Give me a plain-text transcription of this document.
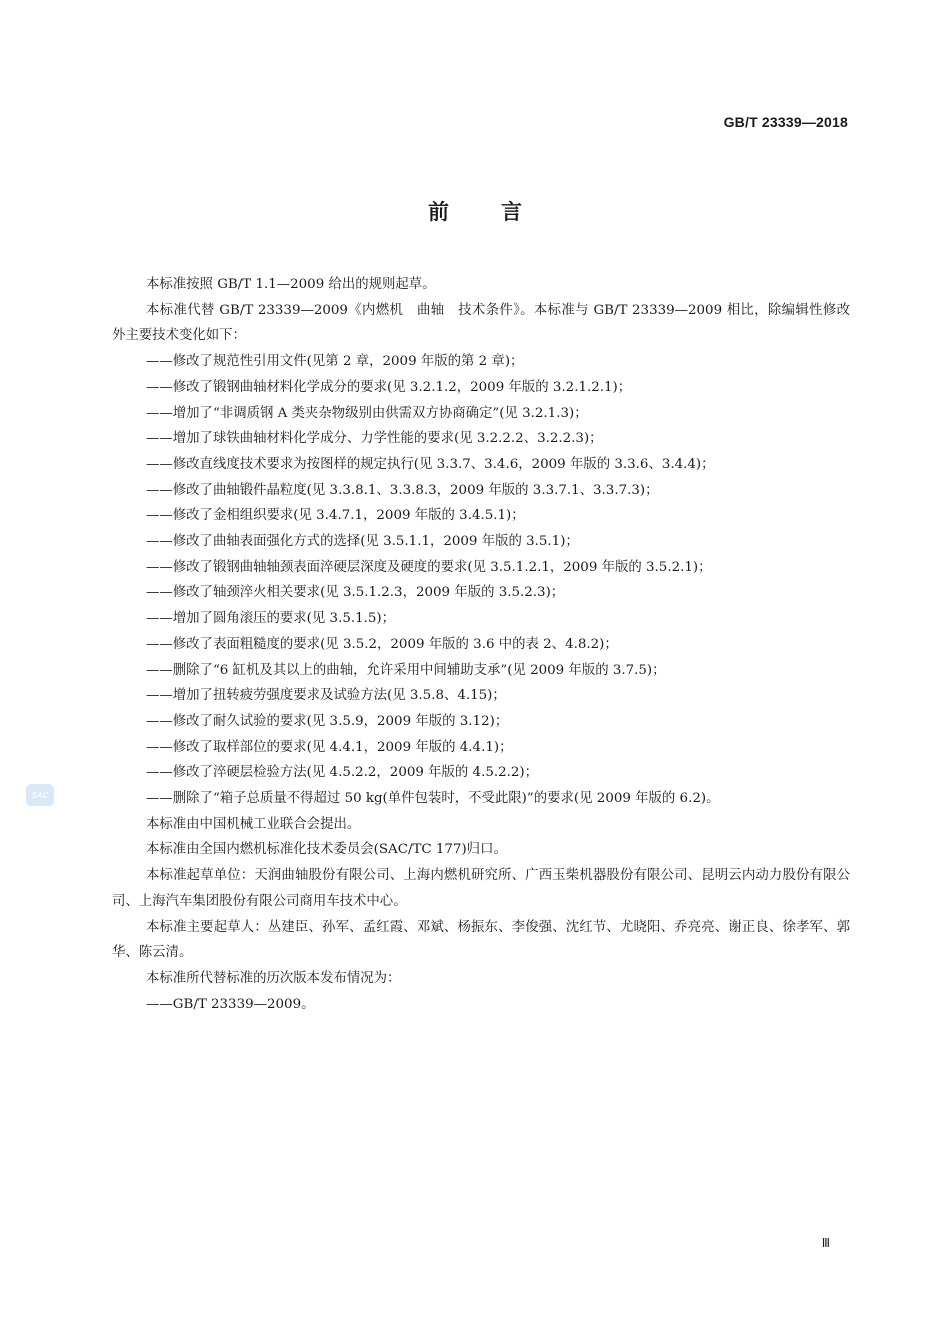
GB/T 23339—2018
前言

本标准按照 GB/T 1.1—2009 给出的规则起草。

本标准代替 GB/T 23339—2009《内燃机　曲轴　技术条件》。本标准与 GB/T 23339—2009 相比，除编辑性修改外主要技术变化如下：

——修改了规范性引用文件(见第 2 章，2009 年版的第 2 章)；

——修改了锻钢曲轴材料化学成分的要求(见 3.2.1.2，2009 年版的 3.2.1.2.1)；

——增加了“非调质钢 A 类夹杂物级别由供需双方协商确定”(见 3.2.1.3)；

——增加了球铁曲轴材料化学成分、力学性能的要求(见 3.2.2.2、3.2.2.3)；

——修改直线度技术要求为按图样的规定执行(见 3.3.7、3.4.6，2009 年版的 3.3.6、3.4.4)；

——修改了曲轴锻件晶粒度(见 3.3.8.1、3.3.8.3，2009 年版的 3.3.7.1、3.3.7.3)；

——修改了金相组织要求(见 3.4.7.1，2009 年版的 3.4.5.1)；

——修改了曲轴表面强化方式的选择(见 3.5.1.1，2009 年版的 3.5.1)；

——修改了锻钢曲轴轴颈表面淬硬层深度及硬度的要求(见 3.5.1.2.1，2009 年版的 3.5.2.1)；

——修改了轴颈淬火相关要求(见 3.5.1.2.3，2009 年版的 3.5.2.3)；

——增加了圆角滚压的要求(见 3.5.1.5)；

——修改了表面粗糙度的要求(见 3.5.2，2009 年版的 3.6 中的表 2、4.8.2)；

——删除了“6 缸机及其以上的曲轴，允许采用中间辅助支承”(见 2009 年版的 3.7.5)；

——增加了扭转疲劳强度要求及试验方法(见 3.5.8、4.15)；

——修改了耐久试验的要求(见 3.5.9，2009 年版的 3.12)；

——修改了取样部位的要求(见 4.4.1，2009 年版的 4.4.1)；

——修改了淬硬层检验方法(见 4.5.2.2，2009 年版的 4.5.2.2)；

——删除了“箱子总质量不得超过 50 kg(单件包装时，不受此限)”的要求(见 2009 年版的 6.2)。

本标准由中国机械工业联合会提出。

本标准由全国内燃机标准化技术委员会(SAC/TC 177)归口。

本标准起草单位：天润曲轴股份有限公司、上海内燃机研究所、广西玉柴机器股份有限公司、昆明云内动力股份有限公司、上海汽车集团股份有限公司商用车技术中心。

本标准主要起草人：丛建臣、孙军、孟红霞、邓斌、杨振东、李俊强、沈红节、尤晓阳、乔亮亮、谢正良、徐孝军、郭华、陈云清。

本标准所代替标准的历次版本发布情况为：

——GB/T 23339—2009。

SAC
Ⅲ
